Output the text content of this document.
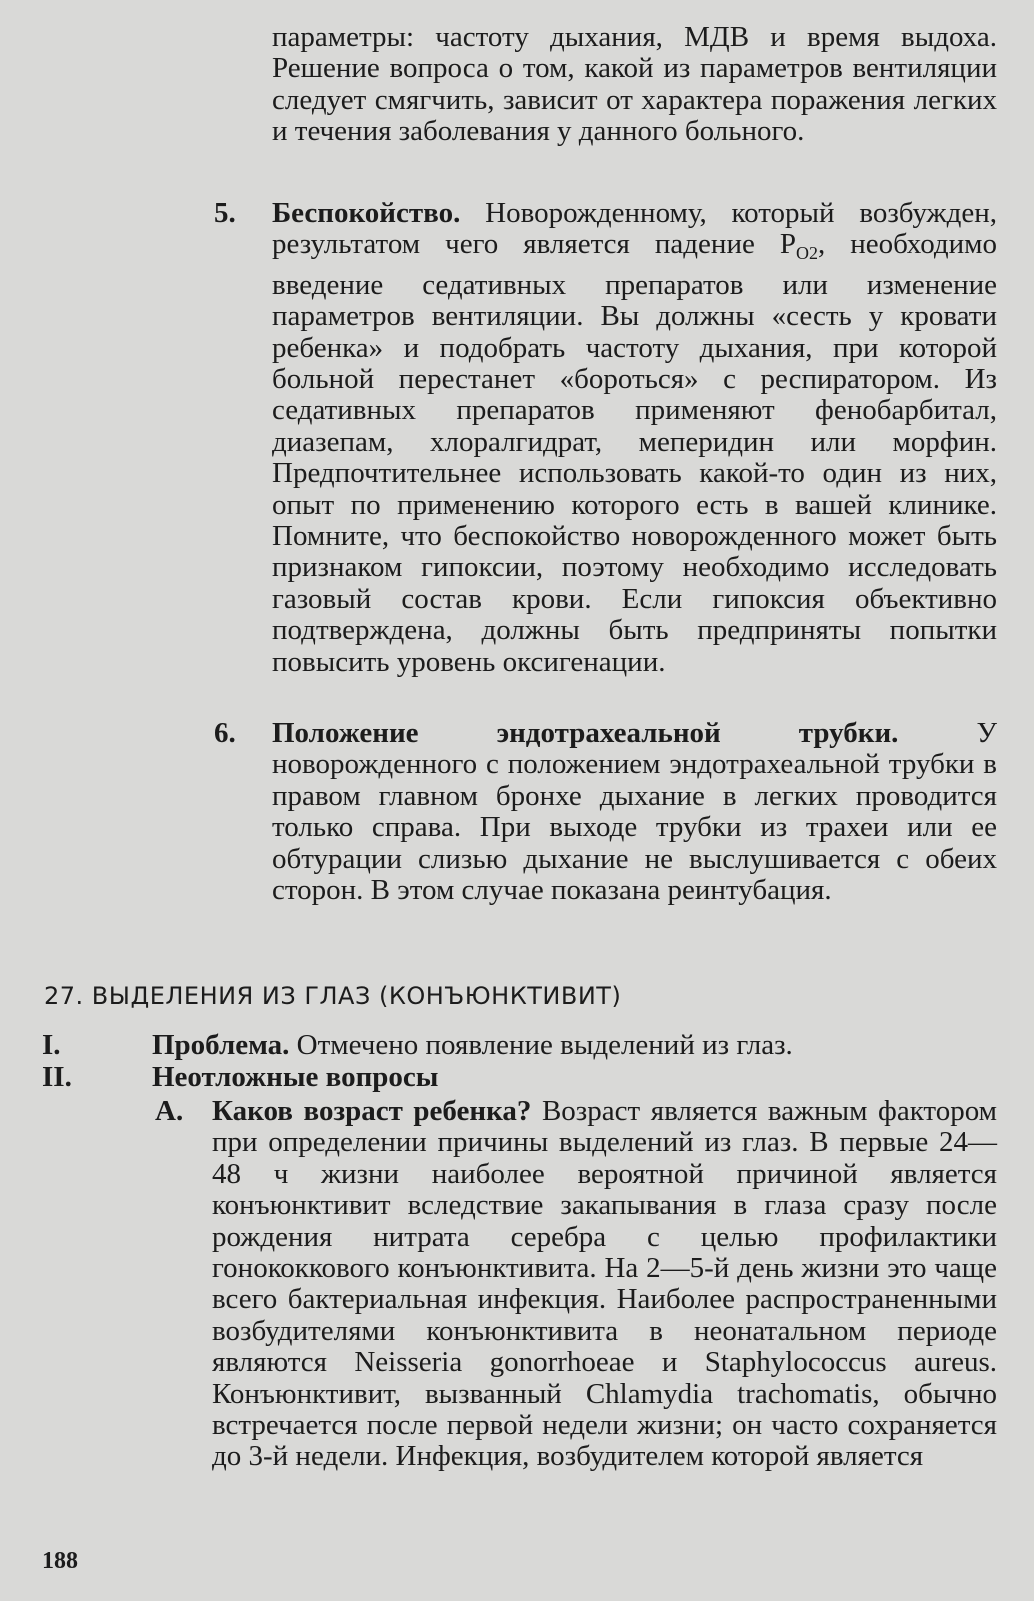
параметры: частоту дыхания, МДВ и время выдоха. Решение вопроса о том, какой из параметров вентиляции следует смягчить, зависит от характера поражения легких и течения заболевания у данного больного.
5. Беспокойство. Новорожденному, который возбужден, результатом чего является падение $P_{O2}$, необходимо введение седативных препаратов или изменение параметров вентиляции. Вы должны «сесть у кровати ребенка» и подобрать частоту дыхания, при которой больной перестанет «бороться» с респиратором. Из седативных препаратов применяют фенобарбитал, диазепам, хлоралгидрат, меперидин или морфин. Предпочтительнее использовать какой-то один из них, опыт по применению которого есть в вашей клинике. Помните, что беспокойство новорожденного может быть признаком гипоксии, поэтому необходимо исследовать газовый состав крови. Если гипоксия объективно подтверждена, должны быть предприняты попытки повысить уровень оксигенации.
6. Положение эндотрахеальной трубки. У новорожденного с положением эндотрахеальной трубки в правом главном бронхе дыхание в легких проводится только справа. При выходе трубки из трахеи или ее обтурации слизью дыхание не выслушивается с обеих сторон. В этом случае показана реинтубация.
27. ВЫДЕЛЕНИЯ ИЗ ГЛАЗ (КОНЪЮНКТИВИТ)
I.	Проблема. Отмечено появление выделений из глаз.
II.	Неотложные вопросы
А. Каков возраст ребенка? Возраст является важным фактором при определении причины выделений из глаз. В первые 24—48 ч жизни наиболее вероятной причиной является конъюнктивит вследствие закапывания в глаза сразу после рождения нитрата серебра с целью профилактики гонококкового конъюнктивита. На 2—5-й день жизни это чаще всего бактериальная инфекция. Наиболее распространенными возбудителями конъюнктивита в неонатальном периоде являются Neisseria gonorrhoeae и Staphylococcus aureus. Конъюнктивит, вызванный Chlamydia trachomatis, обычно встречается после первой недели жизни; он часто сохраняется до 3-й недели. Инфекция, возбудителем которой является
188
